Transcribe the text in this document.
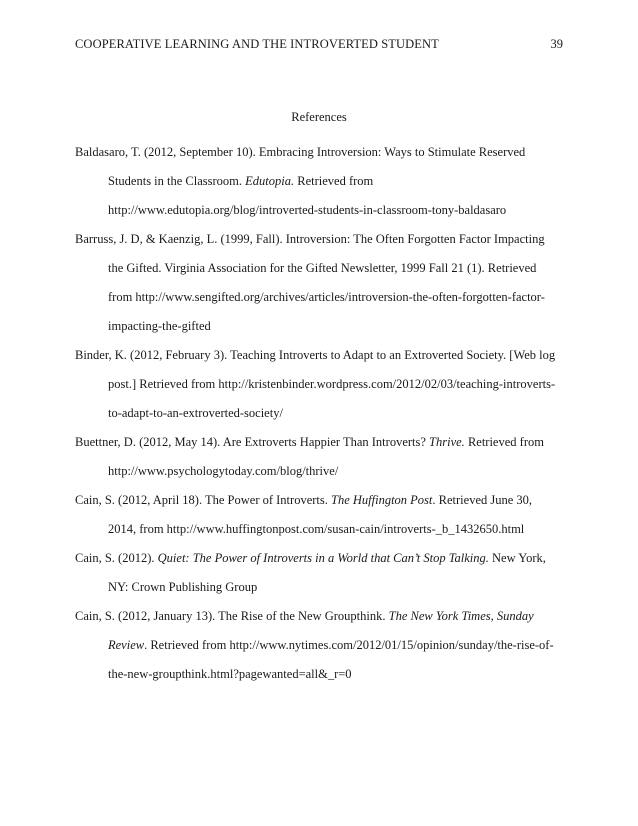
COOPERATIVE LEARNING AND THE INTROVERTED STUDENT	39
References
Baldasaro, T. (2012, September 10). Embracing Introversion: Ways to Stimulate Reserved
Students in the Classroom. Edutopia. Retrieved from
http://www.edutopia.org/blog/introverted-students-in-classroom-tony-baldasaro
Barruss, J. D, & Kaenzig, L. (1999, Fall). Introversion: The Often Forgotten Factor Impacting
the Gifted. Virginia Association for the Gifted Newsletter, 1999 Fall 21 (1). Retrieved
from http://www.sengifted.org/archives/articles/introversion-the-often-forgotten-factor-
impacting-the-gifted
Binder, K. (2012, February 3). Teaching Introverts to Adapt to an Extroverted Society. [Web log
post.] Retrieved from http://kristenbinder.wordpress.com/2012/02/03/teaching-introverts-
to-adapt-to-an-extroverted-society/
Buettner, D. (2012, May 14). Are Extroverts Happier Than Introverts? Thrive. Retrieved from
http://www.psychologytoday.com/blog/thrive/
Cain, S. (2012, April 18). The Power of Introverts. The Huffington Post. Retrieved June 30,
2014, from http://www.huffingtonpost.com/susan-cain/introverts-_b_1432650.html
Cain, S. (2012). Quiet: The Power of Introverts in a World that Can’t Stop Talking. New York,
NY: Crown Publishing Group
Cain, S. (2012, January 13). The Rise of the New Groupthink. The New York Times, Sunday
Review. Retrieved from http://www.nytimes.com/2012/01/15/opinion/sunday/the-rise-of-
the-new-groupthink.html?pagewanted=all&_r=0
